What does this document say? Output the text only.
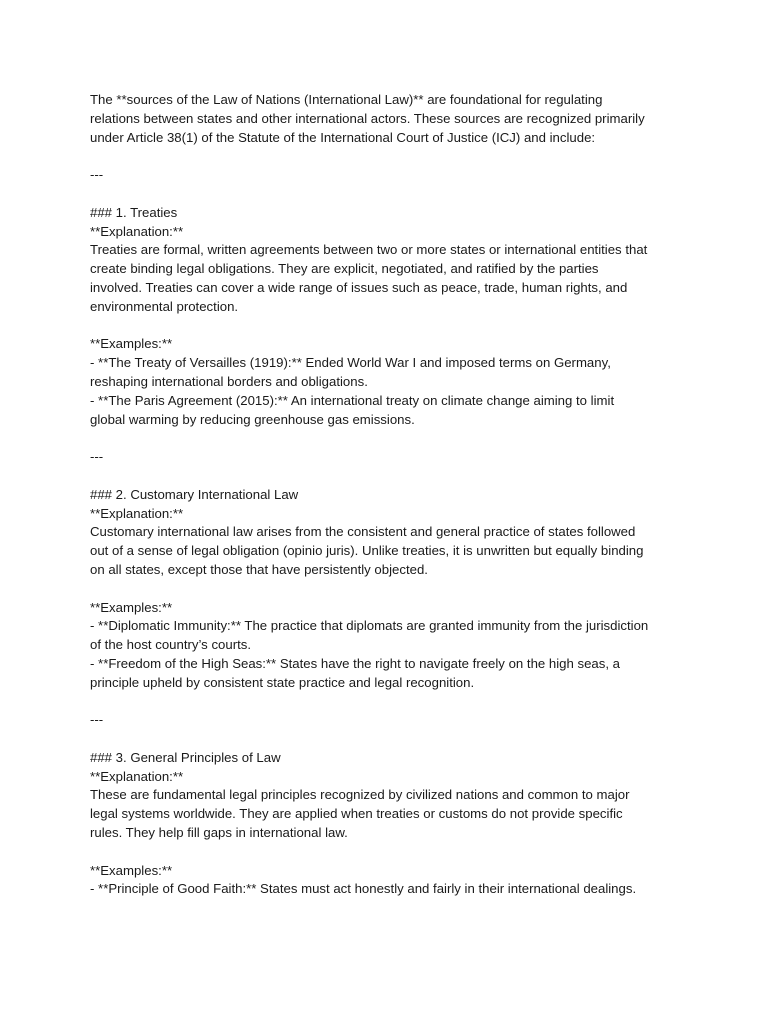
The **sources of the Law of Nations (International Law)** are foundational for regulating
relations between states and other international actors. These sources are recognized primarily
under Article 38(1) of the Statute of the International Court of Justice (ICJ) and include:
---
### 1. Treaties
**Explanation:**
Treaties are formal, written agreements between two or more states or international entities that
create binding legal obligations. They are explicit, negotiated, and ratified by the parties
involved. Treaties can cover a wide range of issues such as peace, trade, human rights, and
environmental protection.
**Examples:**
- **The Treaty of Versailles (1919):** Ended World War I and imposed terms on Germany,
reshaping international borders and obligations.
- **The Paris Agreement (2015):** An international treaty on climate change aiming to limit
global warming by reducing greenhouse gas emissions.
---
### 2. Customary International Law
**Explanation:**
Customary international law arises from the consistent and general practice of states followed
out of a sense of legal obligation (opinio juris). Unlike treaties, it is unwritten but equally binding
on all states, except those that have persistently objected.
**Examples:**
- **Diplomatic Immunity:** The practice that diplomats are granted immunity from the jurisdiction
of the host country’s courts.
- **Freedom of the High Seas:** States have the right to navigate freely on the high seas, a
principle upheld by consistent state practice and legal recognition.
---
### 3. General Principles of Law
**Explanation:**
These are fundamental legal principles recognized by civilized nations and common to major
legal systems worldwide. They are applied when treaties or customs do not provide specific
rules. They help fill gaps in international law.
**Examples:**
- **Principle of Good Faith:** States must act honestly and fairly in their international dealings.
